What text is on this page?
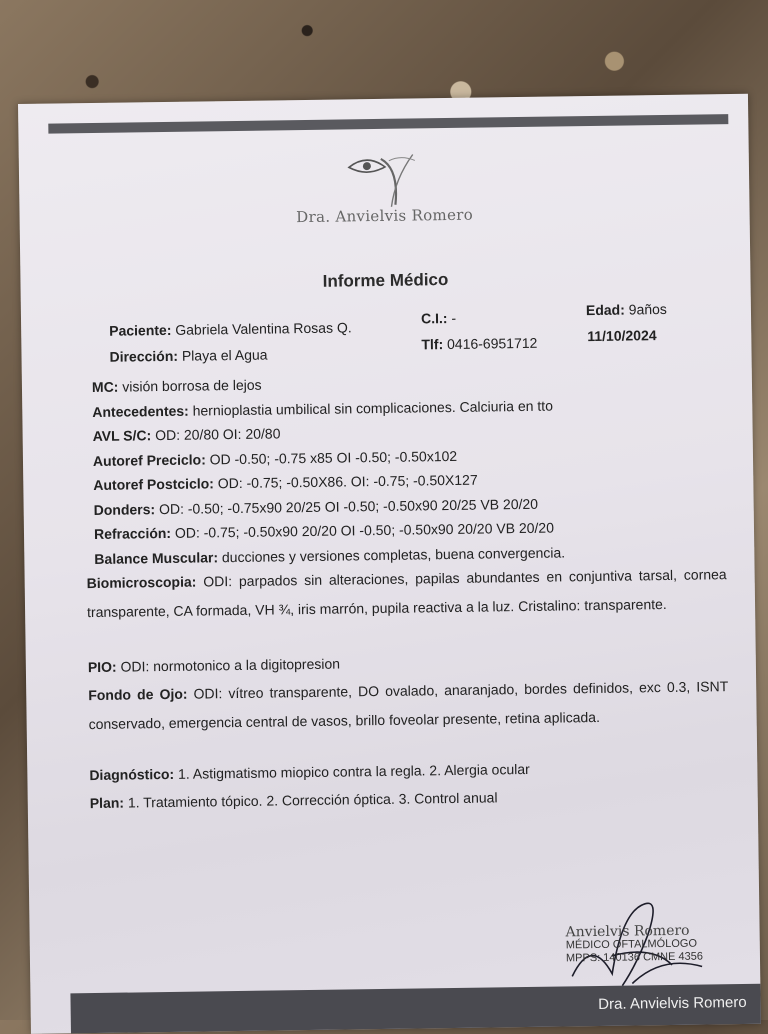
Dra. Anvielvis Romero
Informe Médico
Paciente: Gabriela Valentina Rosas Q.
C.I.: -	Edad: 9años
Dirección: Playa el Agua
Tlf: 0416-6951712	11/10/2024
MC: visión borrosa de lejos
Antecedentes: hernioplastia umbilical sin complicaciones. Calciuria en tto
AVL S/C: OD: 20/80 OI: 20/80
Autoref Preciclo: OD -0.50; -0.75 x85 OI -0.50; -0.50x102
Autoref Postciclo: OD: -0.75; -0.50X86. OI: -0.75; -0.50X127
Donders: OD: -0.50; -0.75x90 20/25 OI -0.50; -0.50x90 20/25 VB 20/20
Refracción: OD: -0.75; -0.50x90 20/20 OI -0.50; -0.50x90 20/20 VB 20/20
Balance Muscular: ducciones y versiones completas, buena convergencia.
Biomicroscopia: ODI: parpados sin alteraciones, papilas abundantes en conjuntiva tarsal, cornea transparente, CA formada, VH ¾, iris marrón, pupila reactiva a la luz. Cristalino: transparente.
PIO: ODI: normotonico a la digitopresion
Fondo de Ojo: ODI: vítreo transparente, DO ovalado, anaranjado, bordes definidos, exc 0.3, ISNT conservado, emergencia central de vasos, brillo foveolar presente, retina aplicada.
Diagnóstico: 1. Astigmatismo miopico contra la regla. 2. Alergia ocular
Plan: 1. Tratamiento tópico. 2. Corrección óptica. 3. Control anual
Anvielvis Romero
MÉDICO OFTALMÓLOGO
MPPS: 140136 CMNE 4356
Dra. Anvielvis Romero
